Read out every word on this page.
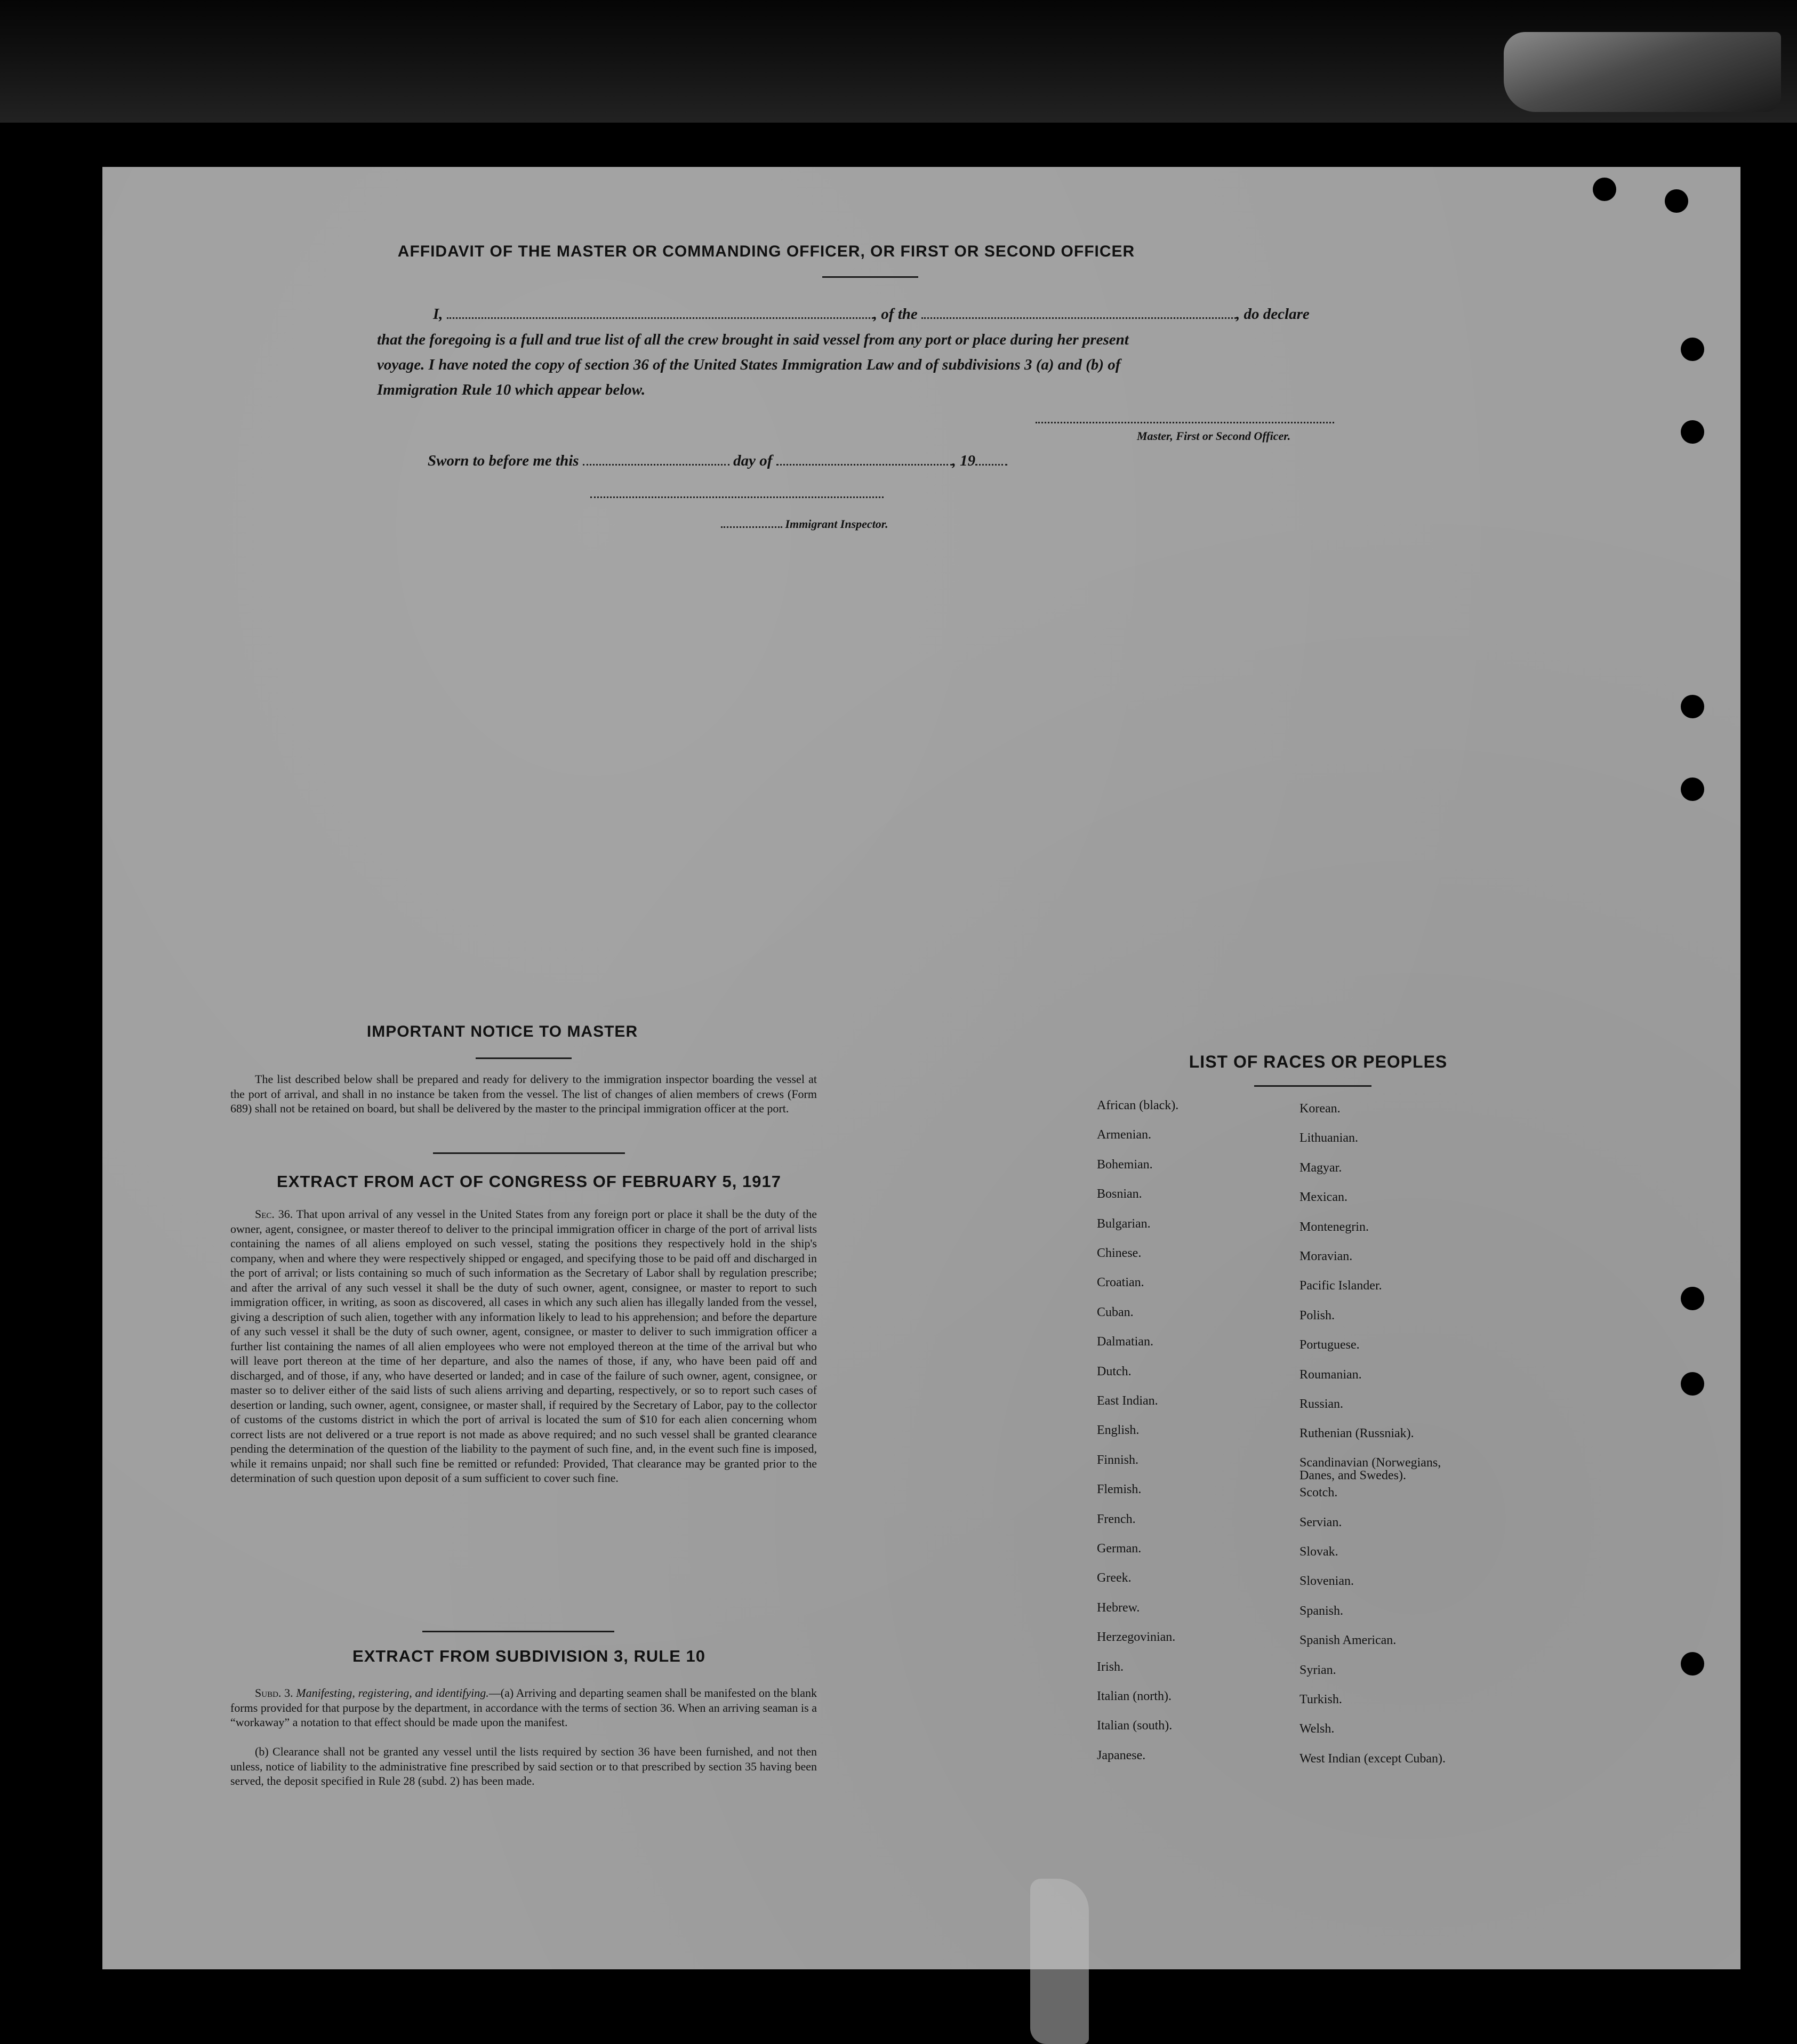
AFFIDAVIT OF THE MASTER OR COMMANDING OFFICER, OR FIRST OR SECOND OFFICER
I,	, of the	, do declare
that the foregoing is a full and true list of all the crew brought in said vessel from any port or place during her present
voyage. I have noted the copy of section 36 of the United States Immigration Law and of subdivisions 3 (a) and (b) of
Immigration Rule 10 which appear below.
Master, First or Second Officer.
Sworn to before me this	day of	, 19
Immigrant Inspector.
IMPORTANT NOTICE TO MASTER
The list described below shall be prepared and ready for delivery to the immigration inspector boarding the vessel at the port of arrival, and shall in no instance be taken from the vessel. The list of changes of alien members of crews (Form 689) shall not be retained on board, but shall be delivered by the master to the principal immigration officer at the port.
EXTRACT FROM ACT OF CONGRESS OF FEBRUARY 5, 1917
Sec. 36. That upon arrival of any vessel in the United States from any foreign port or place it shall be the duty of the owner, agent, consignee, or master thereof to deliver to the principal immigration officer in charge of the port of arrival lists containing the names of all aliens employed on such vessel, stating the positions they respectively hold in the ship's company, when and where they were respectively shipped or engaged, and specifying those to be paid off and discharged in the port of arrival; or lists containing so much of such information as the Secretary of Labor shall by regulation prescribe; and after the arrival of any such vessel it shall be the duty of such owner, agent, consignee, or master to report to such immigration officer, in writing, as soon as discovered, all cases in which any such alien has illegally landed from the vessel, giving a description of such alien, together with any information likely to lead to his apprehension; and before the departure of any such vessel it shall be the duty of such owner, agent, consignee, or master to deliver to such immigration officer a further list containing the names of all alien employees who were not employed thereon at the time of the arrival but who will leave port thereon at the time of her departure, and also the names of those, if any, who have been paid off and discharged, and of those, if any, who have deserted or landed; and in case of the failure of such owner, agent, consignee, or master so to deliver either of the said lists of such aliens arriving and departing, respectively, or so to report such cases of desertion or landing, such owner, agent, consignee, or master shall, if required by the Secretary of Labor, pay to the collector of customs of the customs district in which the port of arrival is located the sum of $10 for each alien concerning whom correct lists are not delivered or a true report is not made as above required; and no such vessel shall be granted clearance pending the determination of the question of the liability to the payment of such fine, and, in the event such fine is imposed, while it remains unpaid; nor shall such fine be remitted or refunded: Provided, That clearance may be granted prior to the determination of such question upon deposit of a sum sufficient to cover such fine.
EXTRACT FROM SUBDIVISION 3, RULE 10
Subd. 3. Manifesting, registering, and identifying.—(a) Arriving and departing seamen shall be manifested on the blank forms provided for that purpose by the department, in accordance with the terms of section 36. When an arriving seaman is a “workaway” a notation to that effect should be made upon the manifest.
(b) Clearance shall not be granted any vessel until the lists required by section 36 have been furnished, and not then unless, notice of liability to the administrative fine prescribed by said section or to that prescribed by section 35 having been served, the deposit specified in Rule 28 (subd. 2) has been made.
LIST OF RACES OR PEOPLES
African (black).
Armenian.
Bohemian.
Bosnian.
Bulgarian.
Chinese.
Croatian.
Cuban.
Dalmatian.
Dutch.
East Indian.
English.
Finnish.
Flemish.
French.
German.
Greek.
Hebrew.
Herzegovinian.
Irish.
Italian (north).
Italian (south).
Japanese.
Korean.
Lithuanian.
Magyar.
Mexican.
Montenegrin.
Moravian.
Pacific Islander.
Polish.
Portuguese.
Roumanian.
Russian.
Ruthenian (Russniak).
Scandinavian (Norwegians, Danes, and Swedes).
Scotch.
Servian.
Slovak.
Slovenian.
Spanish.
Spanish American.
Syrian.
Turkish.
Welsh.
West Indian (except Cuban).
